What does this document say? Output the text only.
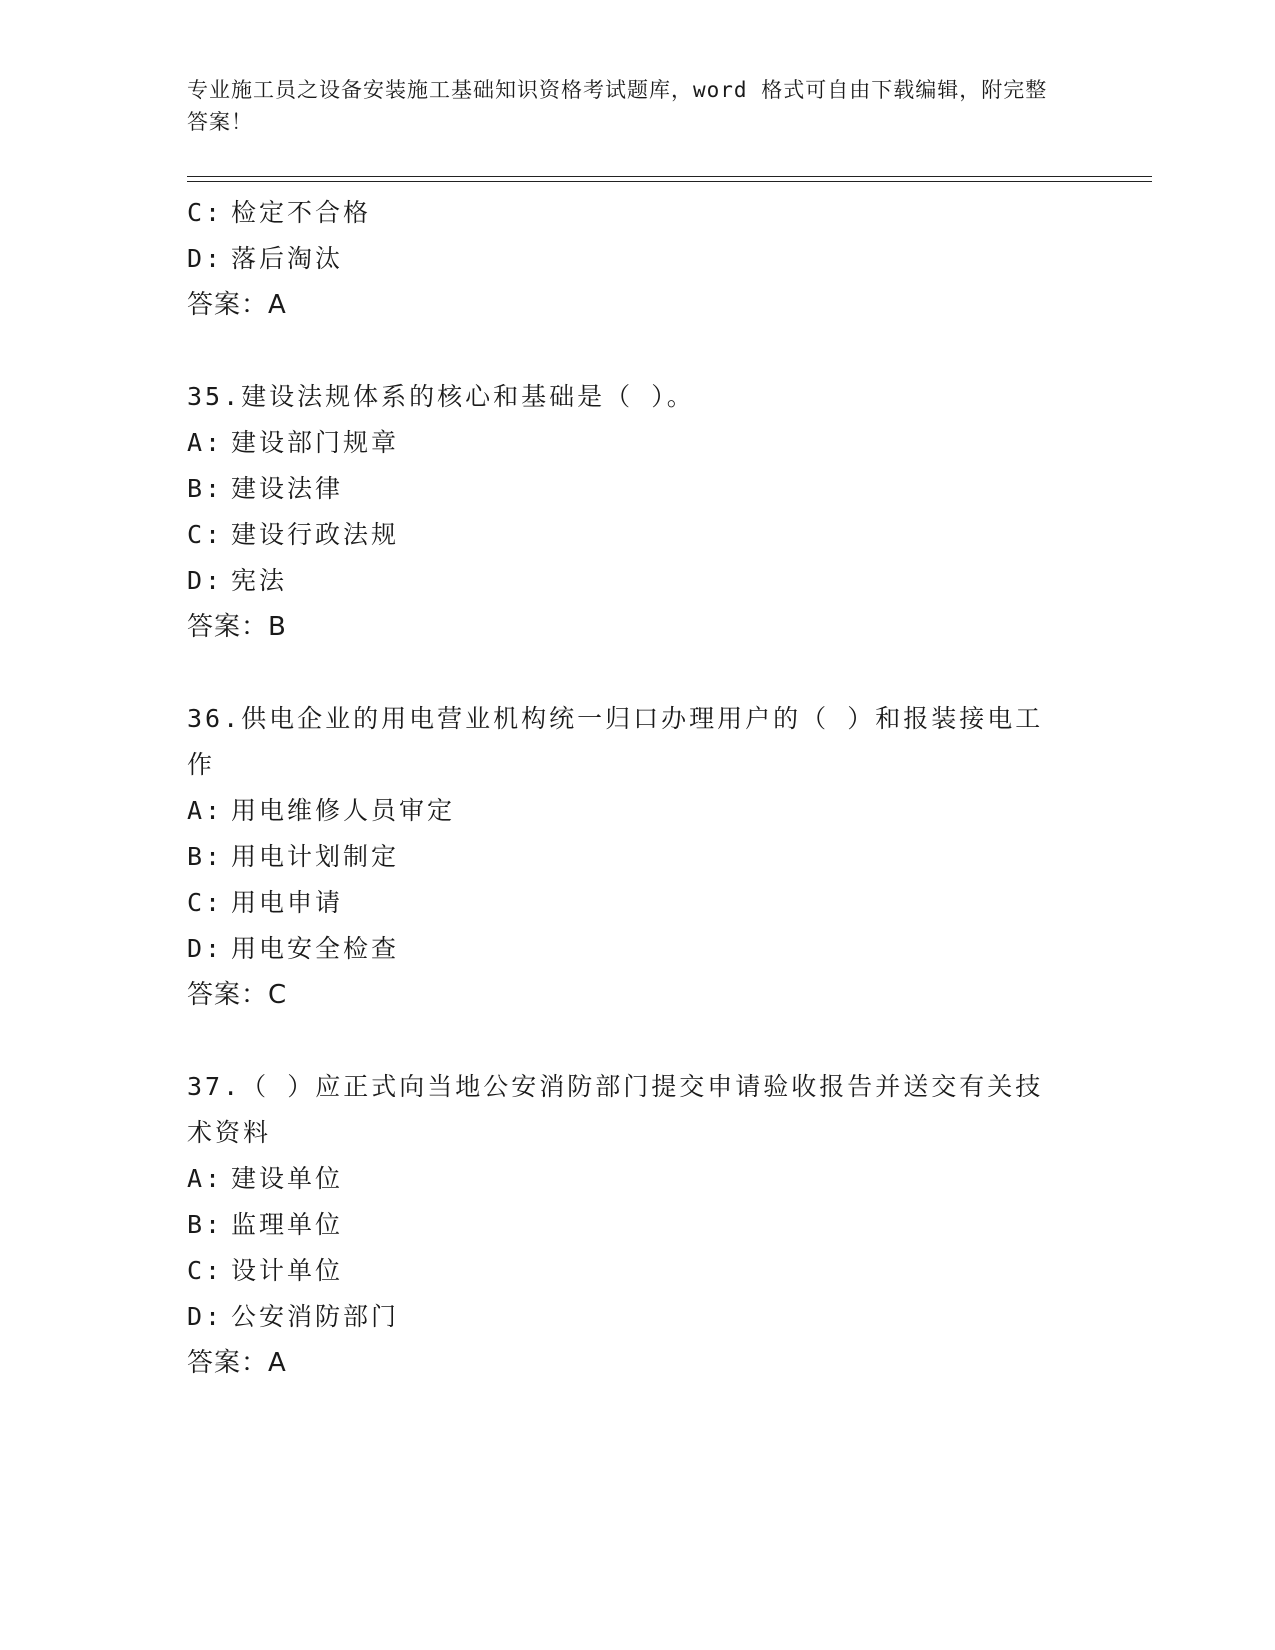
专业施工员之设备安装施工基础知识资格考试题库，word 格式可自由下载编辑，附完整答案！
C: 检定不合格
D: 落后淘汰
答案：A
35.建设法规体系的核心和基础是（ ）。
A: 建设部门规章
B: 建设法律
C: 建设行政法规
D: 宪法
答案：B
36.供电企业的用电营业机构统一归口办理用户的（ ）和报装接电工作
A: 用电维修人员审定
B: 用电计划制定
C: 用电申请
D: 用电安全检查
答案：C
37.（ ）应正式向当地公安消防部门提交申请验收报告并送交有关技术资料
A: 建设单位
B: 监理单位
C: 设计单位
D: 公安消防部门
答案：A
